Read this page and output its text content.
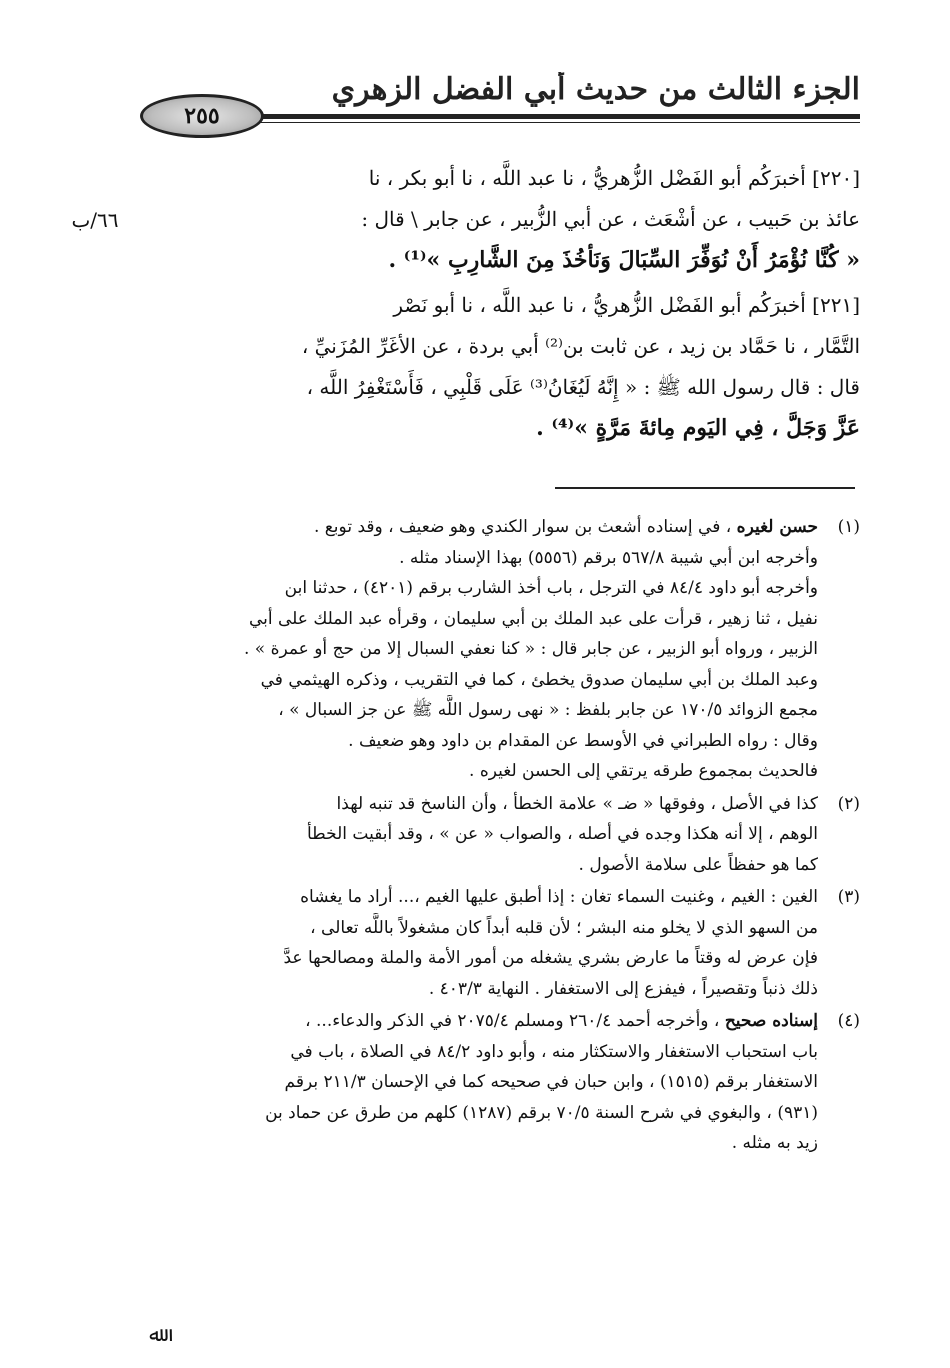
الجزء الثالث من حديث أبي الفضل الزهري
٢٥٥
٦٦/ب
[٢٢٠] أخبرَكُم أبو الفَضْل الزُّهريُّ ، نا عبد اللَّه ، نا أبو بكر ، نا
عائذ بن حَبيب ، عن أشْعَث ، عن أبي الزُّبير ، عن جابر \ قال :
« كُنَّا نُؤْمَرُ أَنْ نُوَفِّرَ السِّبَالَ وَنَأخُذَ مِنَ الشَّارِبِ »⁽¹⁾ .
[٢٢١] أخبرَكُم أبو الفَضْل الزُّهريُّ ، نا عبد اللَّه ، نا أبو نَصْر
التَّمَّار ، نا حَمَّاد بن زيد ، عن ثابت بن⁽²⁾ أبي بردة ، عن الأغَرِّ المُزَنيِّ ،
قال : قال رسول الله ﷺ : « إِنَّهُ لَيُغَانُ⁽³⁾ عَلَى قَلْبِي ، فَأَسْتَغْفِرُ اللَّه ،
عَزَّ وَجَلَّ ، فِي اليَوم مِائةَ مَرَّةٍ »⁽⁴⁾ .
(١)
حسن لغيره ، في إسناده أشعث بن سوار الكندي وهو ضعيف ، وقد توبع .
وأخرجه ابن أبي شيبة ٥٦٧/٨ برقم (٥٥٥٦) بهذا الإسناد مثله .
وأخرجه أبو داود ٨٤/٤ في الترجل ، باب أخذ الشارب برقم (٤٢٠١) ، حدثنا ابن
نفيل ، ثنا زهير ، قرأت على عبد الملك بن أبي سليمان ، وقرأه عبد الملك على أبي
الزبير ، ورواه أبو الزبير ، عن جابر قال : « كنا نعفي السبال إلا من حج أو عمرة » .
وعبد الملك بن أبي سليمان صدوق يخطئ ، كما في التقريب ، وذكره الهيثمي في
مجمع الزوائد ١٧٠/٥ عن جابر بلفظ : « نهى رسول اللَّه ﷺ عن جز السبال » ،
وقال : رواه الطبراني في الأوسط عن المقدام بن داود وهو ضعيف .
فالحديث بمجموع طرقه يرتقي إلى الحسن لغيره .
(٢)
كذا في الأصل ، وفوقها « ضـ » علامة الخطأ ، وأن الناسخ قد تنبه لهذا
الوهم ، إلا أنه هكذا وجده في أصله ، والصواب « عن » ، وقد أبقيت الخطأ
كما هو حفظاً على سلامة الأصول .
(٣)
الغين : الغيم ، وغنيت السماء تغان : إذا أطبق عليها الغيم ،... أراد ما يغشاه
من السهو الذي لا يخلو منه البشر ؛ لأن قلبه أبداً كان مشغولاً باللَّه تعالى ،
فإن عرض له وقتاً ما عارض بشري يشغله من أمور الأمة والملة ومصالحها عدَّ
ذلك ذنباً وتقصيراً ، فيفزع إلى الاستغفار . النهاية ٤٠٣/٣ .
(٤)
إسناده صحيح ، وأخرجه أحمد ٢٦٠/٤ ومسلم ٢٠٧٥/٤ في الذكر والدعاء... ،
باب استحباب الاستغفار والاستكثار منه ، وأبو داود ٨٤/٢ في الصلاة ، باب في
الاستغفار برقم (١٥١٥) ، وابن حبان في صحيحه كما في الإحسان ٢١١/٣ برقم
(٩٣١) ، والبغوي في شرح السنة ٧٠/٥ برقم (١٢٨٧) كلهم من طرق عن حماد بن
زيد به مثله .
ﷲ
